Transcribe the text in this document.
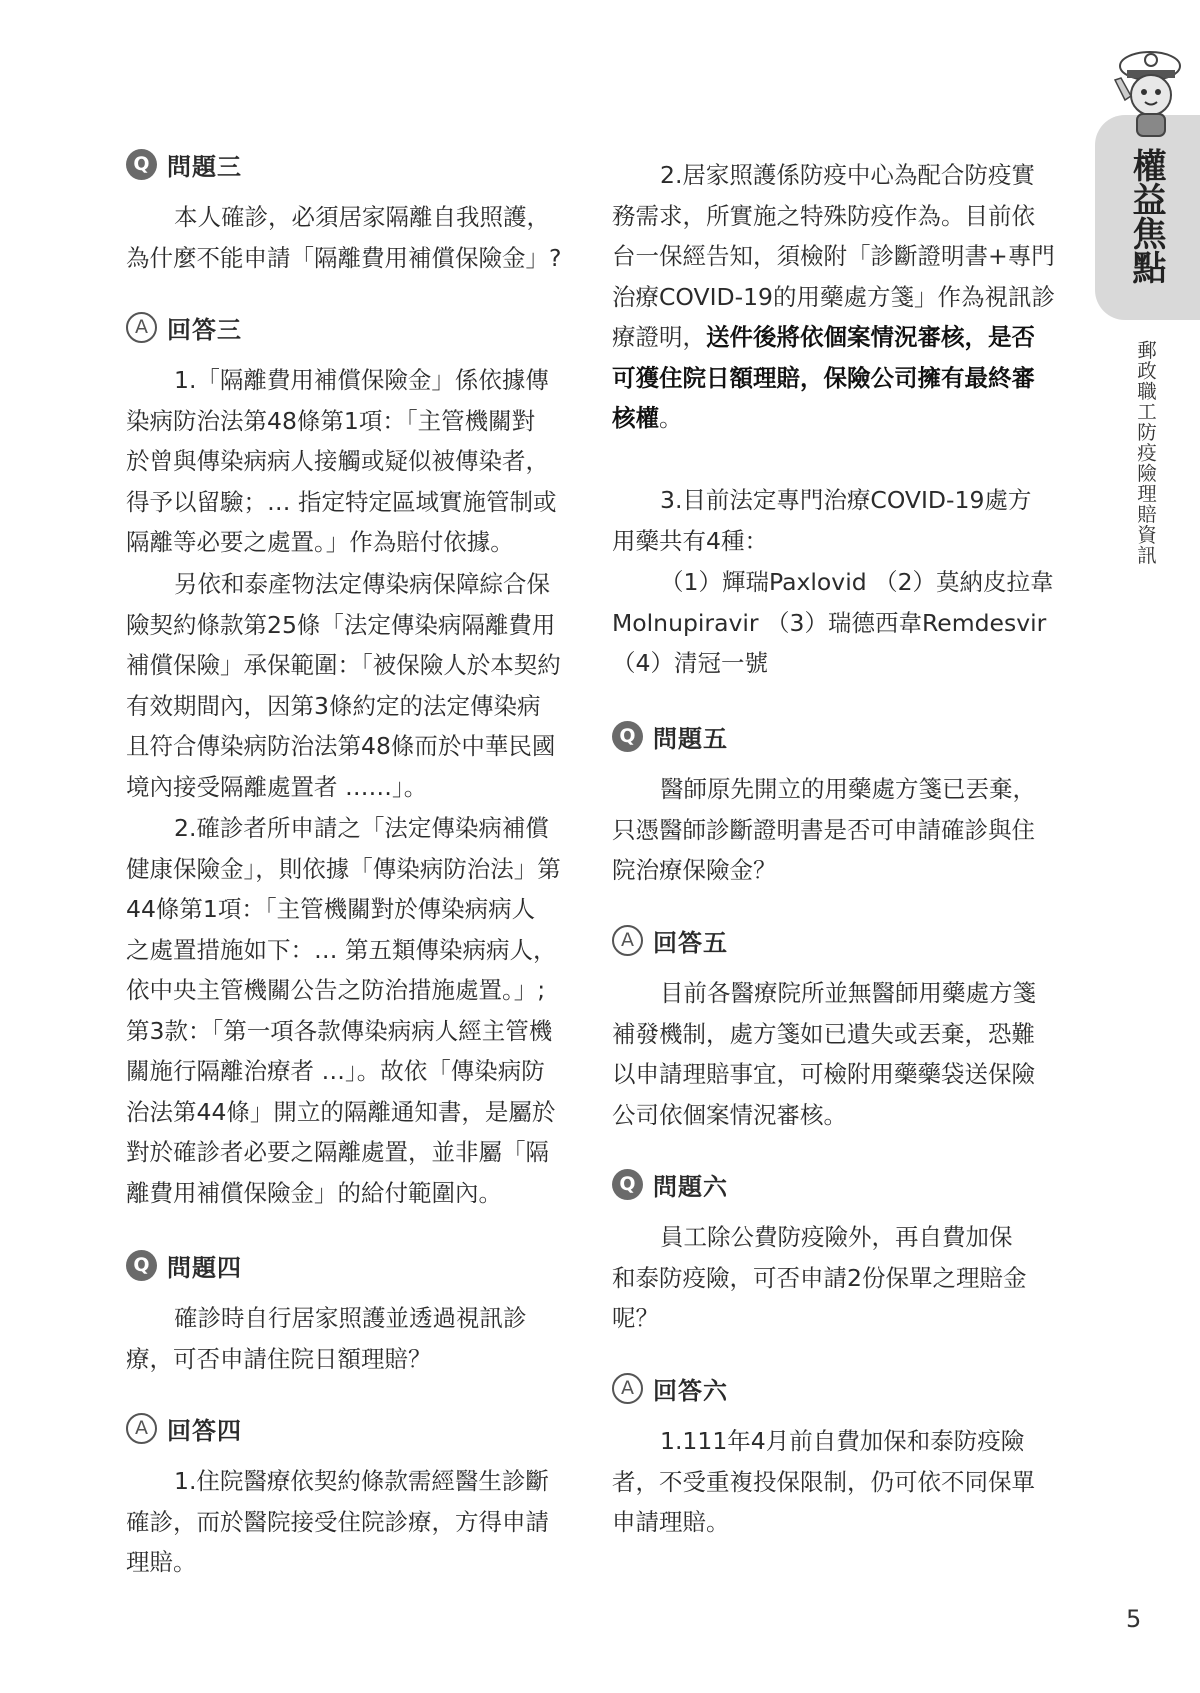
權益焦點
郵政職工防疫險理賠資訊
Q 問題三

本人確診，必須居家隔離自我照護，
為什麼不能申請「隔離費用補償保險金」?

A 回答三

1.「隔離費用補償保險金」係依據傳
染病防治法第48條第1項：「主管機關對
於曾與傳染病病人接觸或疑似被傳染者，
得予以留驗；… 指定特定區域實施管制或
隔離等必要之處置。」作為賠付依據。

另依和泰產物法定傳染病保障綜合保
險契約條款第25條「法定傳染病隔離費用
補償保險」承保範圍：「被保險人於本契約
有效期間內，因第3條約定的法定傳染病
且符合傳染病防治法第48條而於中華民國
境內接受隔離處置者 ……」。

2.確診者所申請之「法定傳染病補償
健康保險金」，則依據「傳染病防治法」第
44條第1項：「主管機關對於傳染病病人
之處置措施如下：… 第五類傳染病病人，
依中央主管機關公告之防治措施處置。」;
第3款：「第一項各款傳染病病人經主管機
關施行隔離治療者 …」。故依「傳染病防
治法第44條」開立的隔離通知書，是屬於
對於確診者必要之隔離處置，並非屬「隔
離費用補償保險金」的給付範圍內。

Q 問題四

確診時自行居家照護並透過視訊診
療，可否申請住院日額理賠？

A 回答四

1.住院醫療依契約條款需經醫生診斷
確診，而於醫院接受住院診療，方得申請
理賠。

2.居家照護係防疫中心為配合防疫實
務需求，所實施之特殊防疫作為。目前依
台一保經告知，須檢附「診斷證明書+專門
治療COVID-19的用藥處方箋」作為視訊診
療證明，送件後將依個案情況審核，是否
可獲住院日額理賠，保險公司擁有最終審
核權。

3.目前法定專門治療COVID-19處方
用藥共有4種：

（1）輝瑞Paxlovid （2）莫納皮拉韋
Molnupiravir （3）瑞德西韋Remdesvir
（4）清冠一號

Q 問題五

醫師原先開立的用藥處方箋已丟棄，
只憑醫師診斷證明書是否可申請確診與住
院治療保險金？

A 回答五

目前各醫療院所並無醫師用藥處方箋
補發機制，處方箋如已遺失或丟棄，恐難
以申請理賠事宜，可檢附用藥藥袋送保險
公司依個案情況審核。

Q 問題六

員工除公費防疫險外，再自費加保
和泰防疫險，可否申請2份保單之理賠金
呢？

A 回答六

1.111年4月前自費加保和泰防疫險
者，不受重複投保限制，仍可依不同保單
申請理賠。

5
